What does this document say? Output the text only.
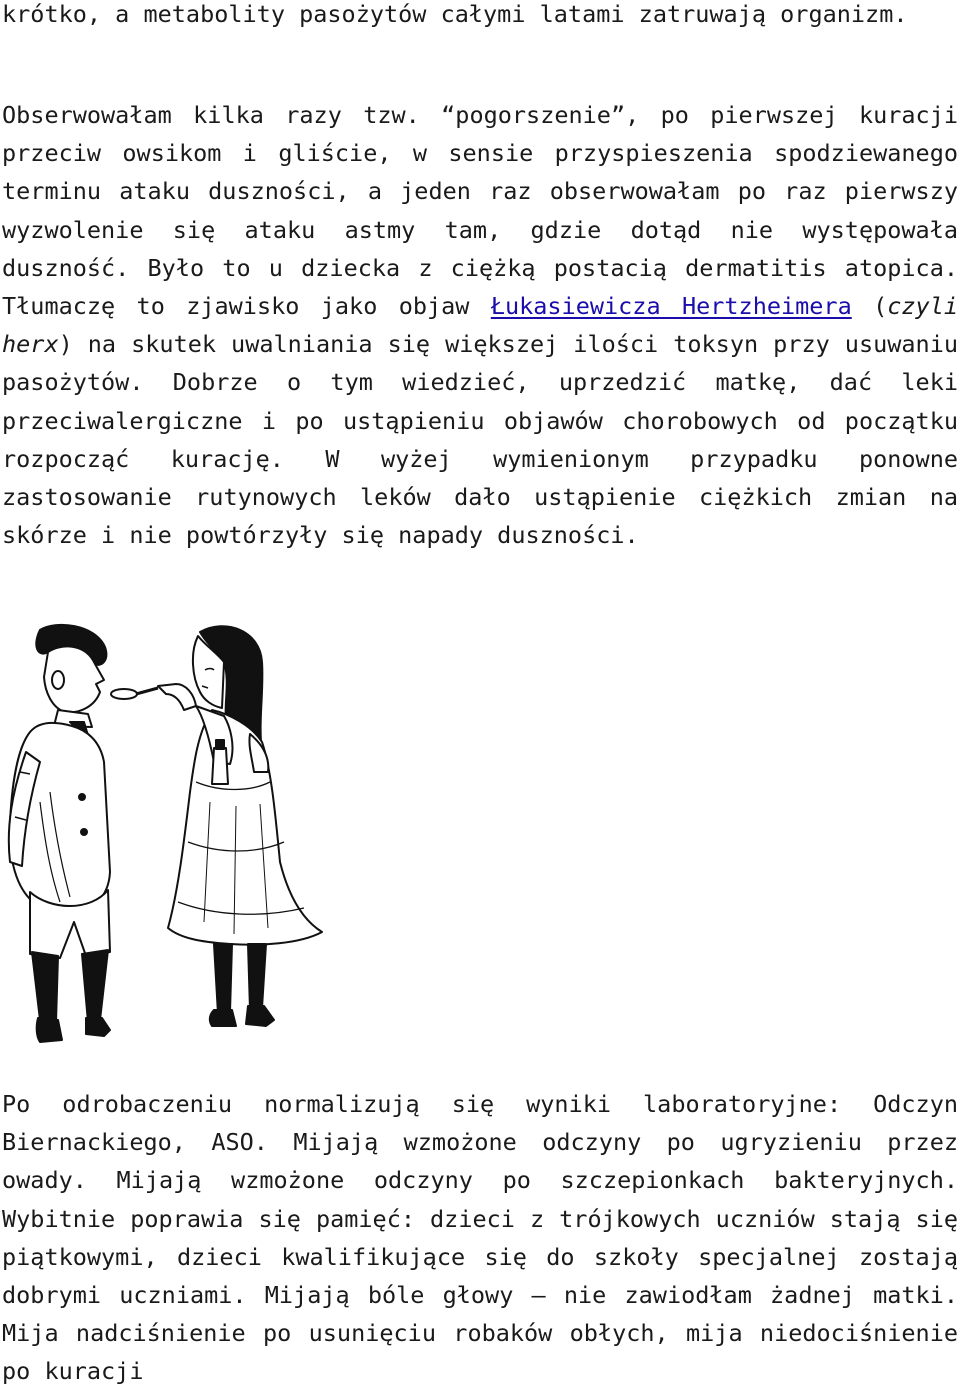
krótko, a metabolity pasożytów całymi latami zatruwają organizm.

Obserwowałam kilka razy tzw. “pogorszenie”, po pierwszej kuracji przeciw owsikom i gliście, w sensie przyspieszenia spodziewanego terminu ataku duszności, a jeden raz obserwowałam po raz pierwszy wyzwolenie się ataku astmy tam, gdzie dotąd nie występowała duszność. Było to u dziecka z ciężką postacią dermatitis atopica. Tłumaczę to zjawisko jako objaw Łukasiewicza Hertzheimera (czyli herx) na skutek uwalniania się większej ilości toksyn przy usuwaniu pasożytów. Dobrze o tym wiedzieć, uprzedzić matkę, dać leki przeciwalergiczne i po ustąpieniu objawów chorobowych od początku rozpocząć kurację. W wyżej wymienionym przypadku ponowne zastosowanie rutynowych leków dało ustąpienie ciężkich zmian na skórze i nie powtórzyły się napady duszności.

Po odrobaczeniu normalizują się wyniki laboratoryjne: Odczyn Biernackiego, ASO. Mijają wzmożone odczyny po ugryzieniu przez owady. Mijają wzmożone odczyny po szczepionkach bakteryjnych. Wybitnie poprawia się pamięć: dzieci z trójkowych uczniów stają się piątkowymi, dzieci kwalifikujące się do szkoły specjalnej zostają dobrymi uczniami. Mijają bóle głowy – nie zawiodłam żadnej matki. Mija nadciśnienie po usunięciu robaków obłych, mija niedociśnienie po kuracji
